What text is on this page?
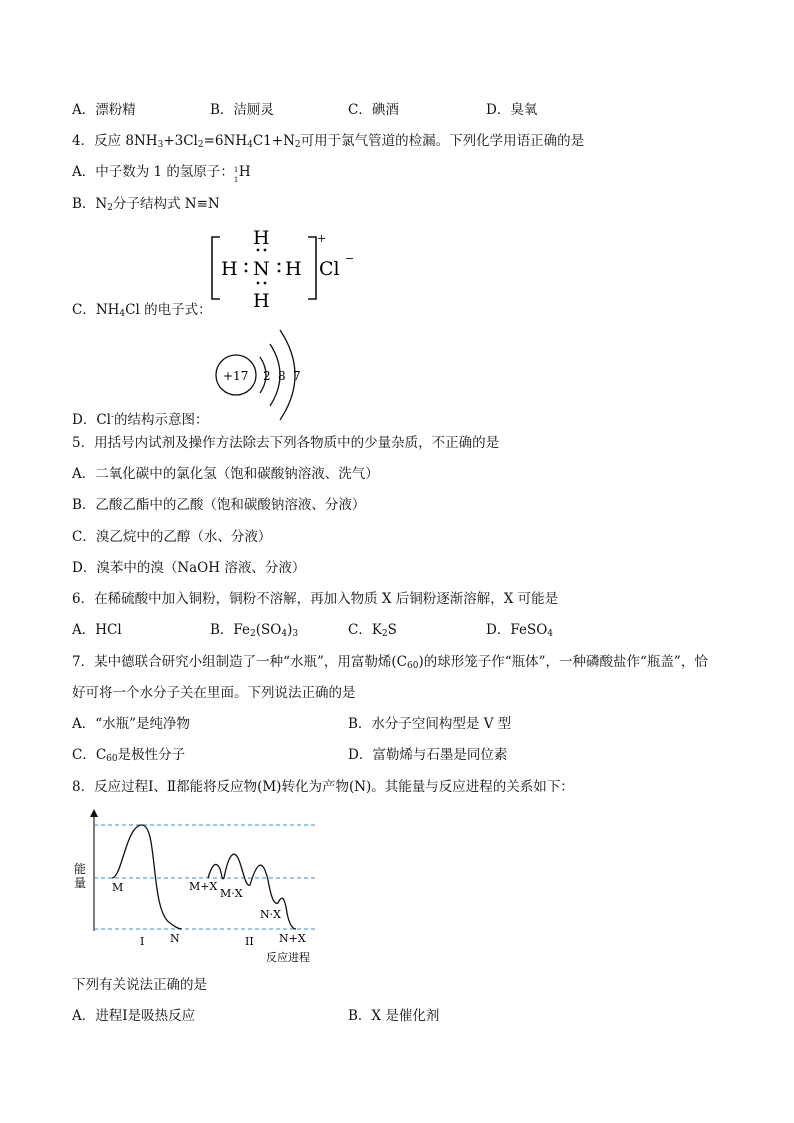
A．漂粉精	B．洁厕灵	C．碘酒	D．臭氧
4．反应 $8NH_3+3Cl_2=6NH_4C1+N_2$可用于氯气管道的检漏。下列化学用语正确的是
A．中子数为 1 的氢原子： 1
1 H
B．$N_2$分子结构式 N≡N
H
H N H
H
+
Cl −
C．$NH_4Cl$ 的电子式：
+17 2 8 7
D．Cl-的结构示意图：
5．用括号内试剂及操作方法除去下列各物质中的少量杂质，不正确的是
A．二氧化碳中的氯化氢（饱和碳酸钠溶液、洗气）
B．乙酸乙酯中的乙酸（饱和碳酸钠溶液、分液）
C．溴乙烷中的乙醇（水、分液）
D．溴苯中的溴（NaOH 溶液、分液）
6．在稀硫酸中加入铜粉，铜粉不溶解，再加入物质 X 后铜粉逐渐溶解，X 可能是
A．HCl	B．$Fe_2(SO_4)_3$	C．$K_2S$	D．FeSO$_4$
7．某中德联合研究小组制造了一种“水瓶”，用富勒烯$(C_{60})$的球形笼子作“瓶体”，一种磷酸盐作“瓶盖”，恰
好可将一个水分子关在里面。下列说法正确的是
A．“水瓶”是纯净物	B．水分子空间构型是 V 型
C．$C_{60}$是极性分子	D．富勒烯与石墨是同位素
8．反应过程Ⅰ、Ⅱ都能将反应物(M)转化为产物(N)。其能量与反应进程的关系如下：
能
量 M
N
I	II
M+X
M·X
N·X
N+X
反应进程
下列有关说法正确的是
A．进程Ⅰ是吸热反应	B．X 是催化剂
